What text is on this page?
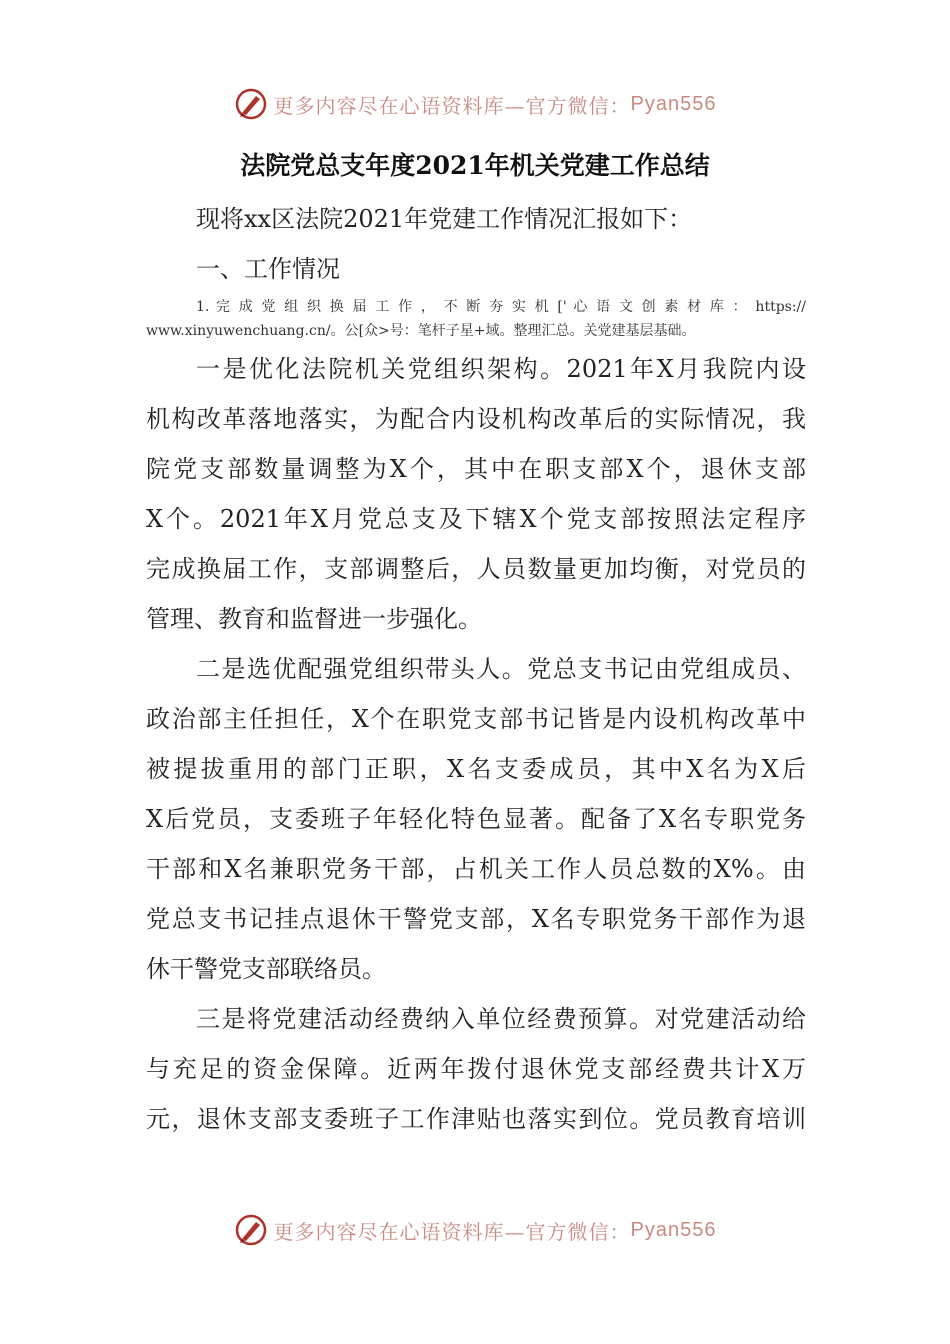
更多内容尽在心语资料库—官方微信： Pyan556
法院党总支年度2021年机关党建工作总结
现将xx区法院2021年党建工作情况汇报如下：
一、工作情况
1. 完 成 党 组 织 换 届 工 作 ， 不 断 夯 实 机 [' 心 语 文 创 素 材 库 ： https://
www.xinyuwenchuang.cn/。公[众>号：笔杆子星+域。整理汇总。关党建基层基础。
一是优化法院机关党组织架构。2021年X月我院内设
机构改革落地落实，为配合内设机构改革后的实际情况，我
院党支部数量调整为X个，其中在职支部X个，退休支部
X个。2021年X月党总支及下辖X个党支部按照法定程序
完成换届工作，支部调整后，人员数量更加均衡，对党员的
管理、教育和监督进一步强化。
二是选优配强党组织带头人。党总支书记由党组成员、
政治部主任担任，X个在职党支部书记皆是内设机构改革中
被提拔重用的部门正职，X名支委成员，其中X名为X后
X后党员，支委班子年轻化特色显著。配备了X名专职党务
干部和X名兼职党务干部，占机关工作人员总数的X%。由
党总支书记挂点退休干警党支部，X名专职党务干部作为退
休干警党支部联络员。
三是将党建活动经费纳入单位经费预算。对党建活动给
与充足的资金保障。近两年拨付退休党支部经费共计X万
元，退休支部支委班子工作津贴也落实到位。党员教育培训
更多内容尽在心语资料库—官方微信： Pyan556
